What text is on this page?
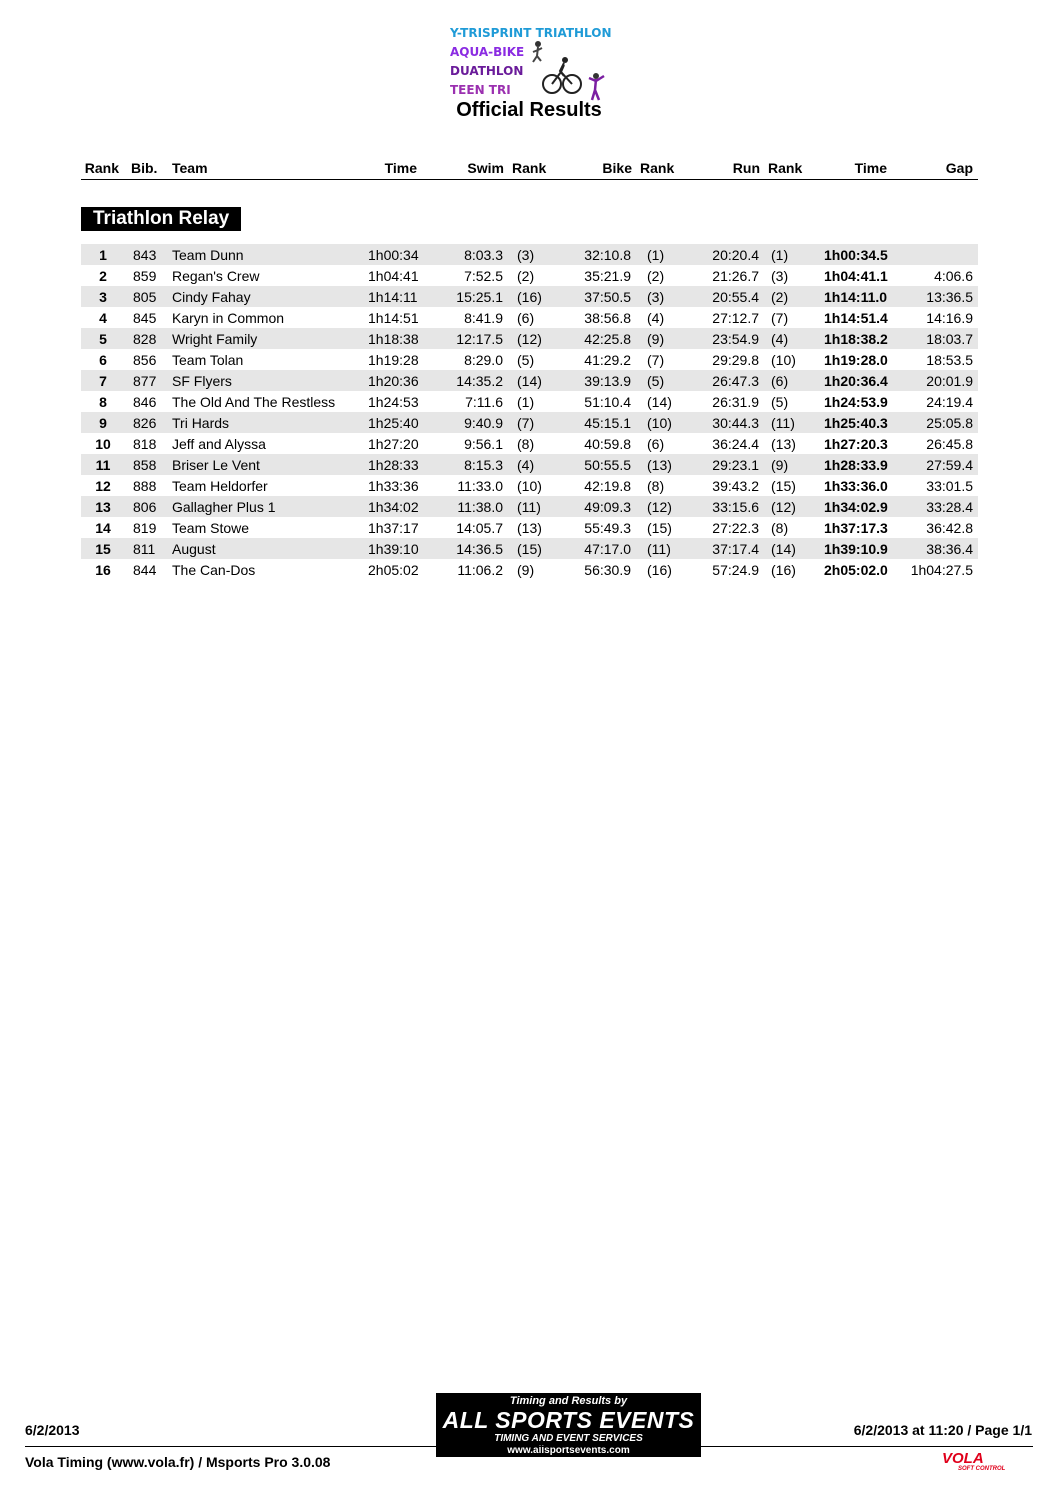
Y-TRISPRINT TRIATHLON
AQUA-BIKE
DUATHLON
TEEN TRI
Official Results
Rank Bib.	Team	Time	Swim Rank	Bike Rank	Run Rank	Time	Gap
Triathlon Relay
1	843	Team Dunn	1h00:34	8:03.3 (3)	32:10.8 (1)	20:20.4 (1)	1h00:34.5
2	859	Regan's Crew	1h04:41	7:52.5 (2)	35:21.9 (2)	21:26.7 (3)	1h04:41.1	4:06.6
3	805	Cindy Fahay	1h14:11	15:25.1 (16)	37:50.5 (3)	20:55.4 (2)	1h14:11.0	13:36.5
4	845	Karyn in Common	1h14:51	8:41.9 (6)	38:56.8 (4)	27:12.7 (7)	1h14:51.4	14:16.9
5	828	Wright Family	1h18:38	12:17.5 (12)	42:25.8 (9)	23:54.9 (4)	1h18:38.2	18:03.7
6	856	Team Tolan	1h19:28	8:29.0 (5)	41:29.2 (7)	29:29.8 (10)	1h19:28.0	18:53.5
7	877	SF Flyers	1h20:36	14:35.2 (14)	39:13.9 (5)	26:47.3 (6)	1h20:36.4	20:01.9
8	846	The Old And The Restless	1h24:53	7:11.6 (1)	51:10.4 (14)	26:31.9 (5)	1h24:53.9	24:19.4
9	826	Tri Hards	1h25:40	9:40.9 (7)	45:15.1 (10)	30:44.3 (11)	1h25:40.3	25:05.8
10	818	Jeff and Alyssa	1h27:20	9:56.1 (8)	40:59.8 (6)	36:24.4 (13)	1h27:20.3	26:45.8
11	858	Briser Le Vent	1h28:33	8:15.3 (4)	50:55.5 (13)	29:23.1 (9)	1h28:33.9	27:59.4
12	888	Team Heldorfer	1h33:36	11:33.0 (10)	42:19.8 (8)	39:43.2 (15)	1h33:36.0	33:01.5
13	806	Gallagher Plus 1	1h34:02	11:38.0 (11)	49:09.3 (12)	33:15.6 (12)	1h34:02.9	33:28.4
14	819	Team Stowe	1h37:17	14:05.7 (13)	55:49.3 (15)	27:22.3 (8)	1h37:17.3	36:42.8
15	811	August	1h39:10	14:36.5 (15)	47:17.0 (11)	37:17.4 (14)	1h39:10.9	38:36.4
16	844	The Can-Dos	2h05:02	11:06.2 (9)	56:30.9 (16)	57:24.9 (16)	2h05:02.0	1h04:27.5
6/2/2013
Timing and Results by
ALL SPORTS EVENTS
TIMING AND EVENT SERVICES
www.allsportsevents.com
6/2/2013 at 11:20 / Page 1/1
Vola Timing (www.vola.fr) / Msports Pro 3.0.08	VOLA
SOFT CONTROL
